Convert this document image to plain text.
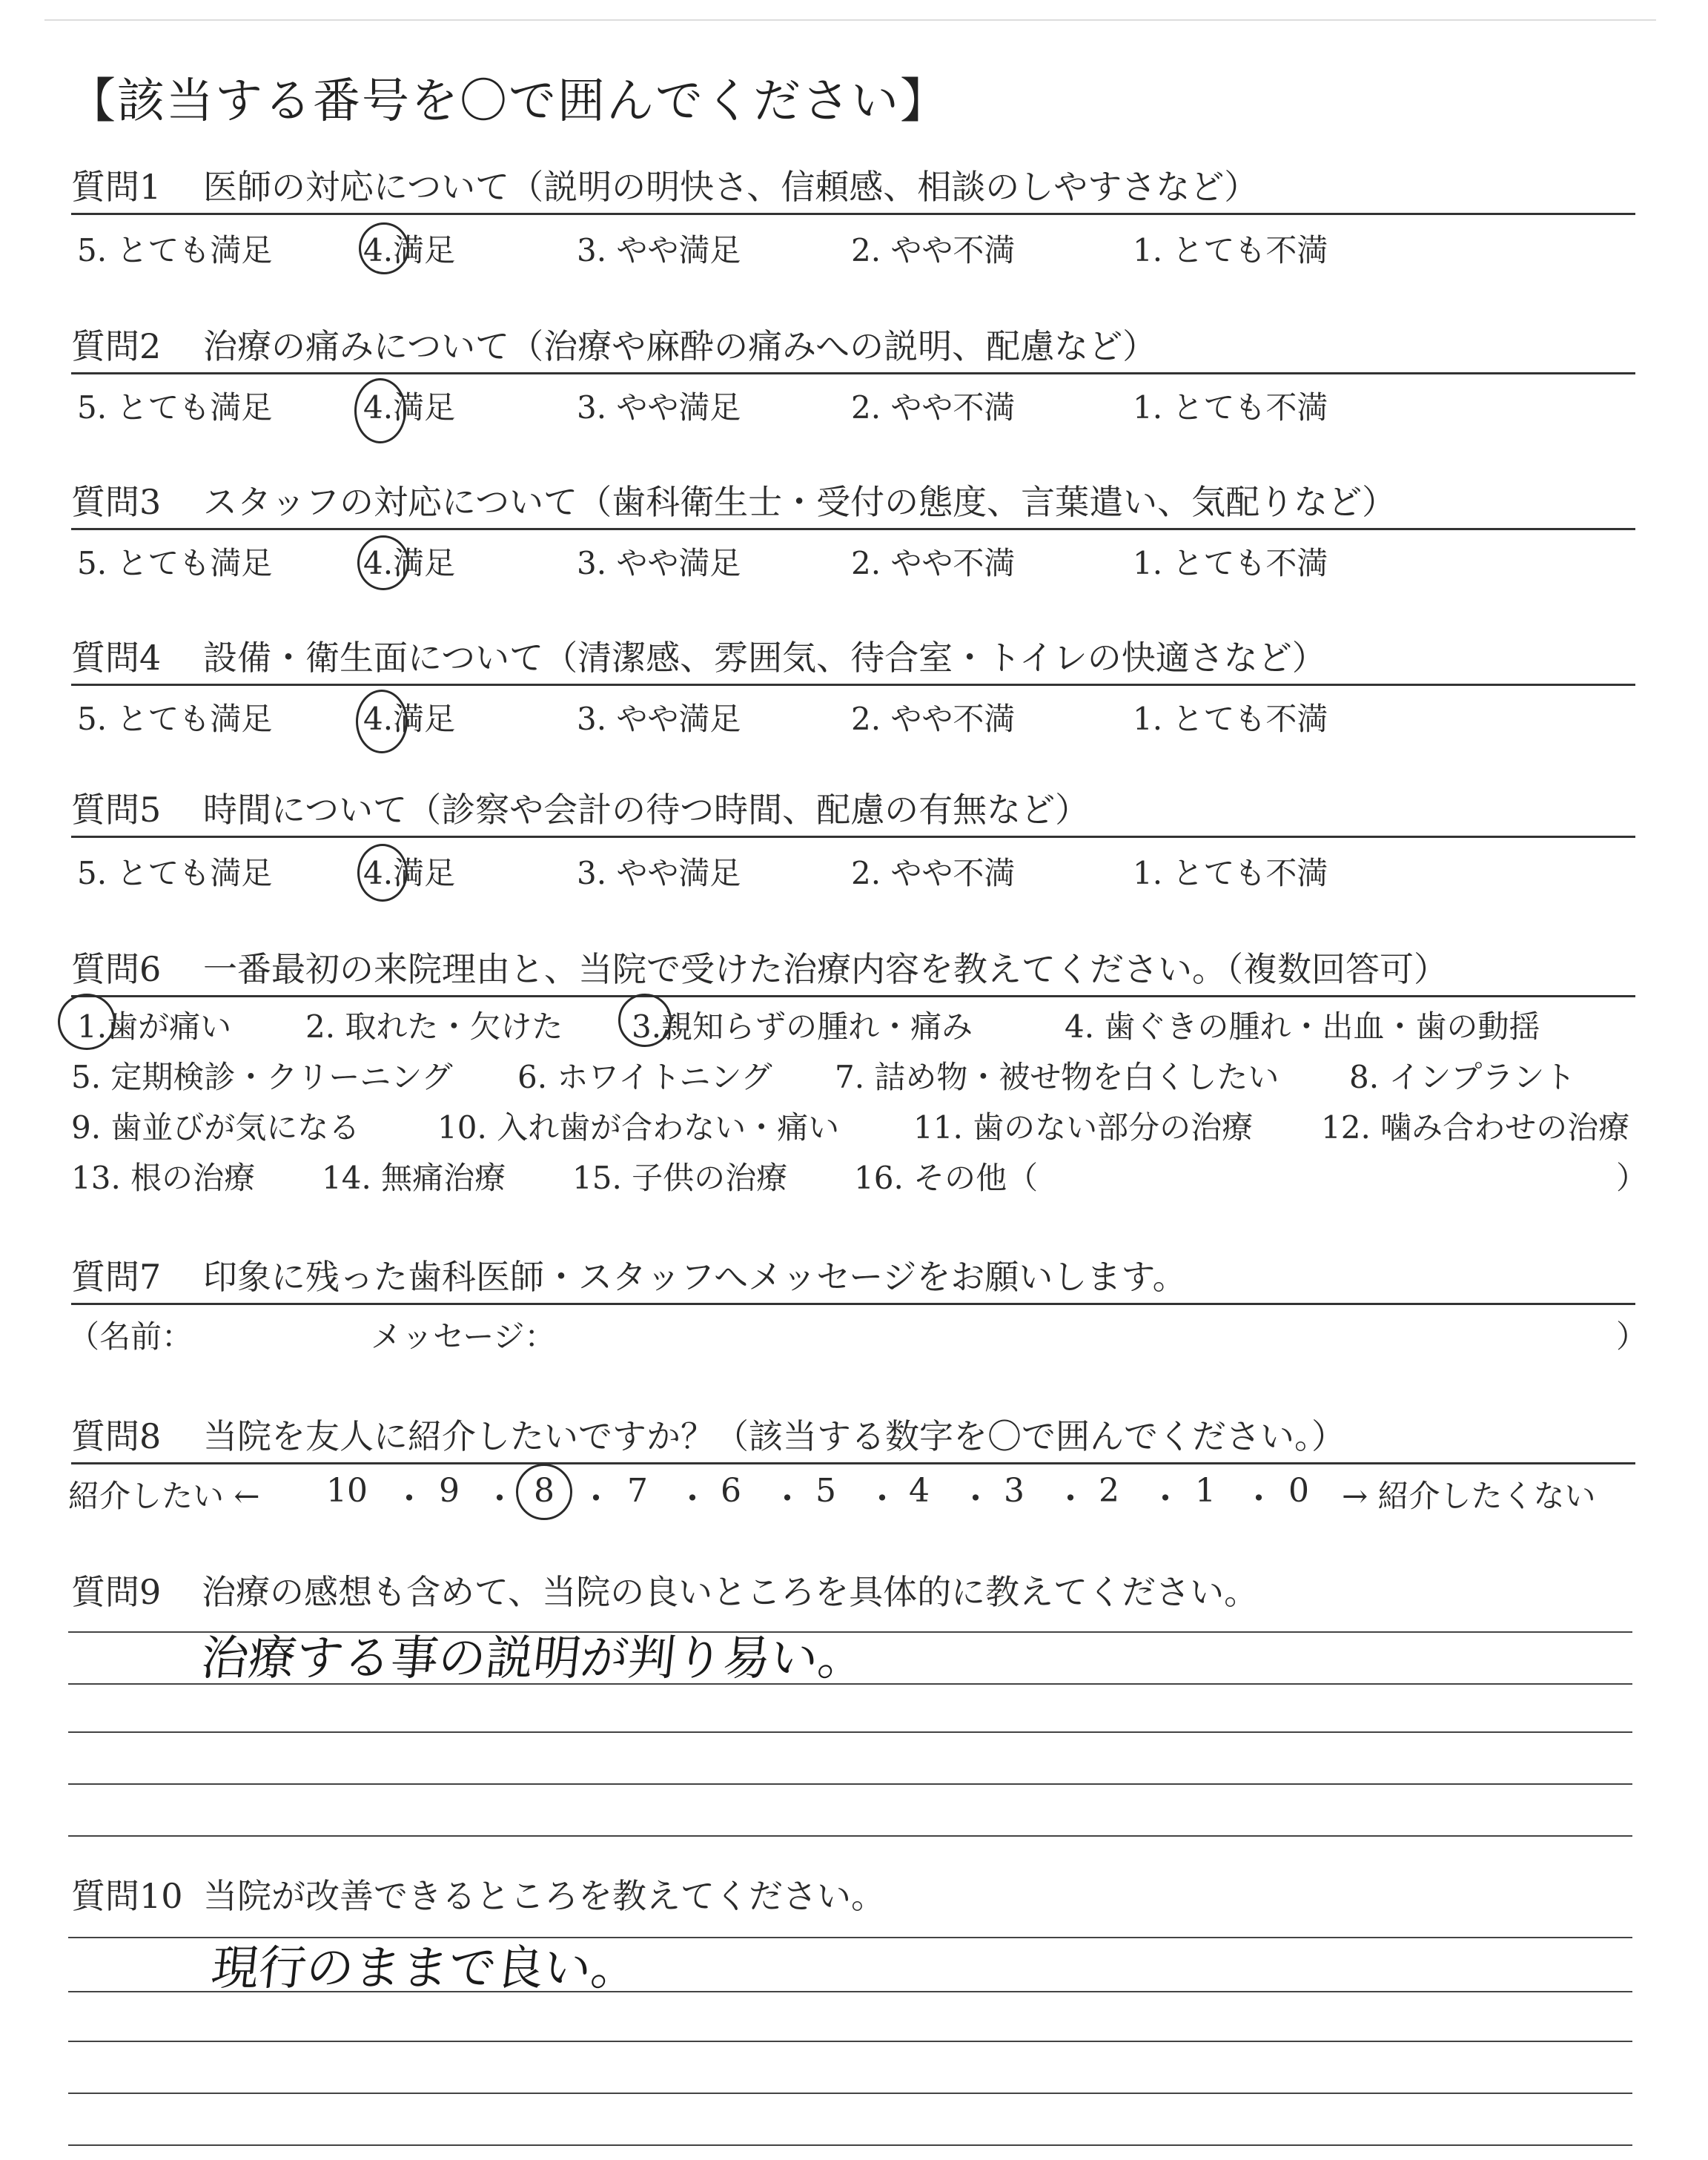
【該当する番号を〇で囲んでください】
質問1 医師の対応について（説明の明快さ、信頼感、相談のしやすさなど）
5. とても満足	4.満足	3. やや満足	2. やや不満	1. とても不満
質問2 治療の痛みについて（治療や麻酔の痛みへの説明、配慮など）
5. とても満足	4.満足	3. やや満足	2. やや不満	1. とても不満
質問3 スタッフの対応について（歯科衛生士・受付の態度、言葉遣い、気配りなど）
5. とても満足	4.満足	3. やや満足	2. やや不満	1. とても不満
質問4 設備・衛生面について（清潔感、雰囲気、待合室・トイレの快適さなど）
5. とても満足	4.満足	3. やや満足	2. やや不満	1. とても不満
質問5 時間について（診察や会計の待つ時間、配慮の有無など）
5. とても満足	4.満足	3. やや満足	2. やや不満	1. とても不満
質問6 一番最初の来院理由と、当院で受けた治療内容を教えてください。（複数回答可）
1.歯が痛い 2. 取れた・欠けた 3.親知らずの腫れ・痛み	4. 歯ぐきの腫れ・出血・歯の動揺
5. 定期検診・クリーニング 6. ホワイトニング 7. 詰め物・被せ物を白くしたい 8. インプラント
9. 歯並びが気になる 10. 入れ歯が合わない・痛い 11. 歯のない部分の治療 12. 噛み合わせの治療
13. 根の治療 14. 無痛治療 15. 子供の治療 16. その他（	）
質問7 印象に残った歯科医師・スタッフへメッセージをお願いします。
（名前：	メッセージ：	）
質問8 当院を友人に紹介したいですか？（該当する数字を〇で囲んでください。）
紹介したい ← 10 ・ 9 ・ 8 ・ 7 ・ 6 ・ 5 ・ 4 ・ 3 ・ 2 ・ 1 ・ 0 → 紹介したくない
質問9 治療の感想も含めて、当院の良いところを具体的に教えてください。
治療する事の説明が判り易い。
質問10 当院が改善できるところを教えてください。
現行のままで良い。
